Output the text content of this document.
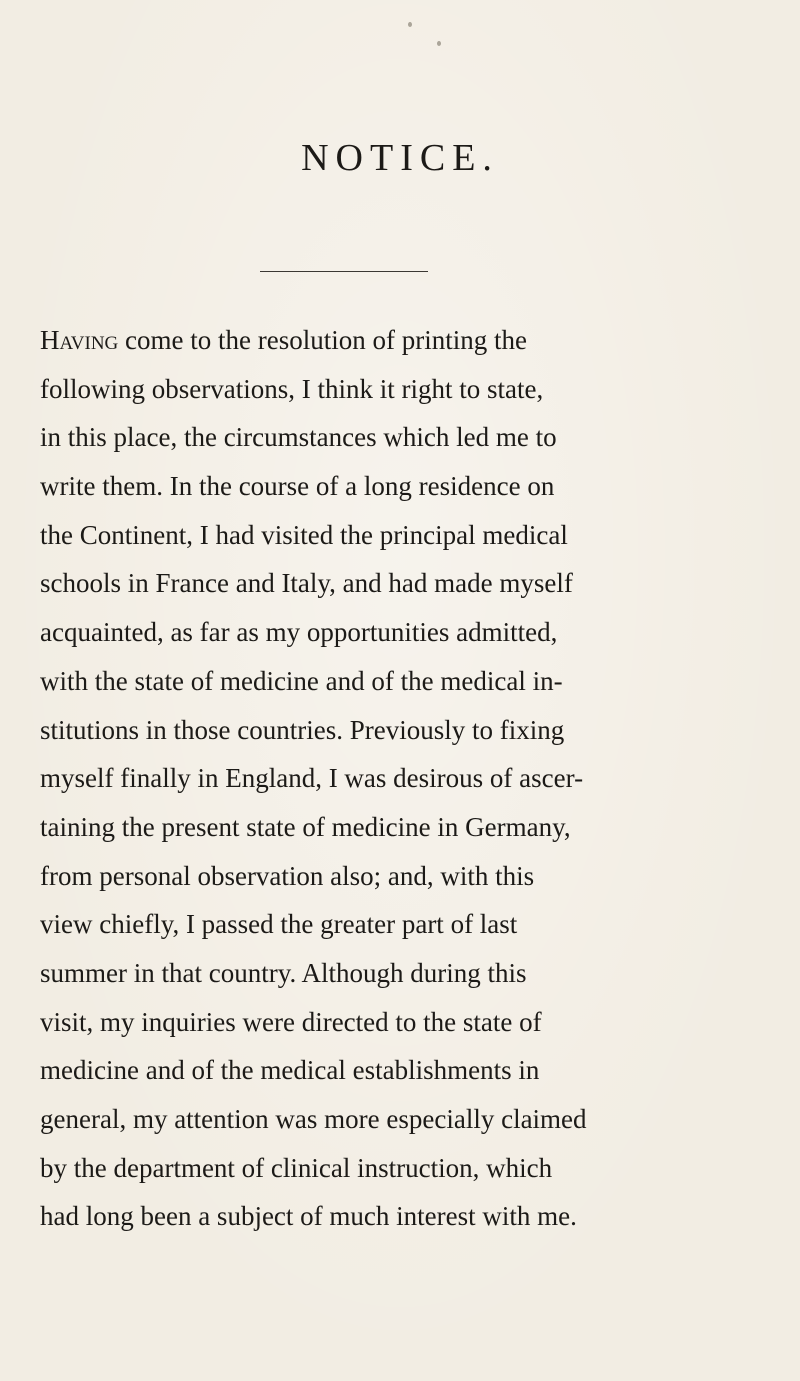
NOTICE.
Having come to the resolution of printing the
following observations, I think it right to state,
in this place, the circumstances which led me to
write them. In the course of a long residence on
the Continent, I had visited the principal medical
schools in France and Italy, and had made myself
acquainted, as far as my opportunities admitted,
with the state of medicine and of the medical in-
stitutions in those countries. Previously to fixing
myself finally in England, I was desirous of ascer-
taining the present state of medicine in Germany,
from personal observation also; and, with this
view chiefly, I passed the greater part of last
summer in that country. Although during this
visit, my inquiries were directed to the state of
medicine and of the medical establishments in
general, my attention was more especially claimed
by the department of clinical instruction, which
had long been a subject of much interest with me.
